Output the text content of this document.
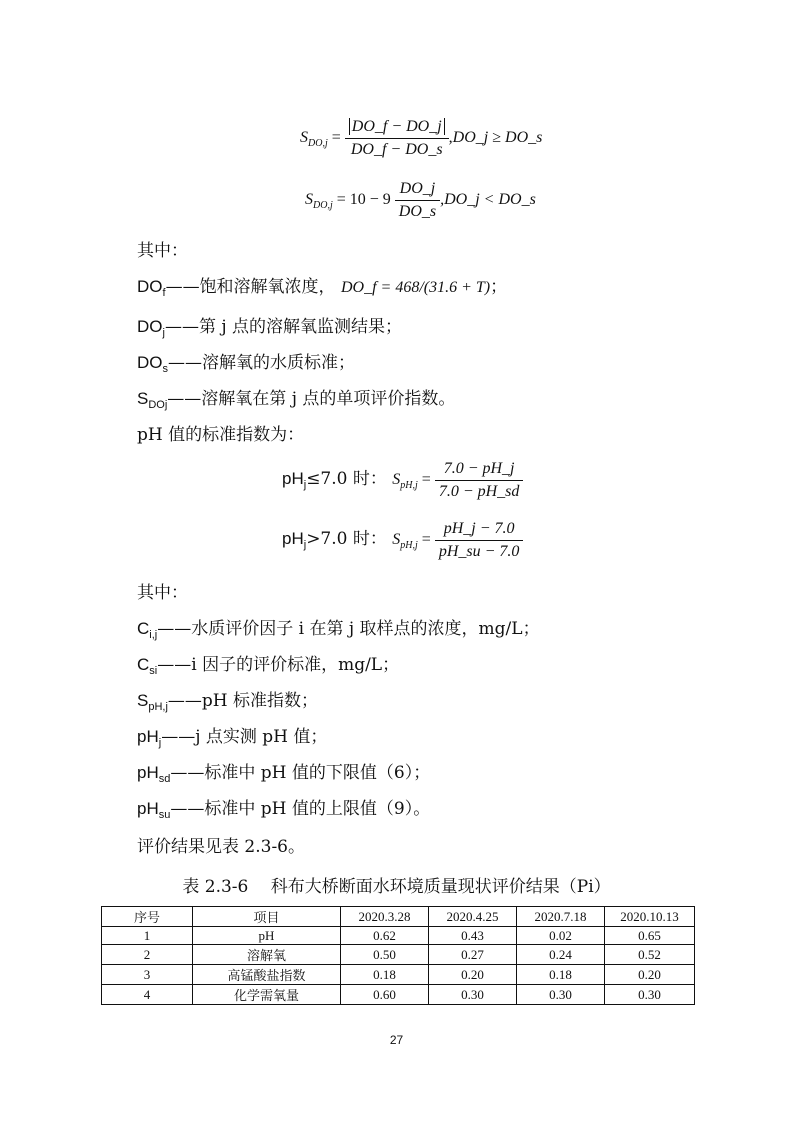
$S_{DO,j} = \frac{DO\_f - DO\_j}{DO\_f - DO\_s}$ ,DO_j ≥ DO_s
$S_{DO,j} = 10 - 9 \frac{DO\_j}{DO\_s}$ ,DO_j < DO_s
其中：
$DO_f——$饱和溶解氧浓度， DO_f = 468/(31.6 + T)；
$DO_j——$第 j 点的溶解氧监测结果；
$DO_s——$溶解氧的水质标准；
$S_{DOj}——$溶解氧在第 j 点的单项评价指数。
pH 值的标准指数为：
$pH_j\le 7.0$ 时： $S_{pH,j} = \frac{7.0 - pH\_j}{7.0 - pH\_sd}$
$pH_j>7.0$ 时： $S_{pH,j} = \frac{pH\_j - 7.0}{pH\_su - 7.0}$
其中：
$C_{i,j}——$水质评价因子 i 在第 j 取样点的浓度，mg/L；
$C_{si}——i$ 因子的评价标准，mg/L；
$S_{pH,j}——pH$ 标准指数；
$pH_j——j$ 点实测 pH 值；
$pH_{sd}——$标准中 pH 值的下限值（6）；
$pH_{su}——$标准中 pH 值的上限值（9）。
评价结果见表 2.3-6。
表 2.3-6　 科布大桥断面水环境质量现状评价结果（Pi）
序号	项目	2020.3.28	2020.4.25	2020.7.18	2020.10.13
1	pH	0.62	0.43	0.02	0.65
2	溶解氧	0.50	0.27	0.24	0.52
3	高锰酸盐指数	0.18	0.20	0.18	0.20
4	化学需氧量	0.60	0.30	0.30	0.30
27
